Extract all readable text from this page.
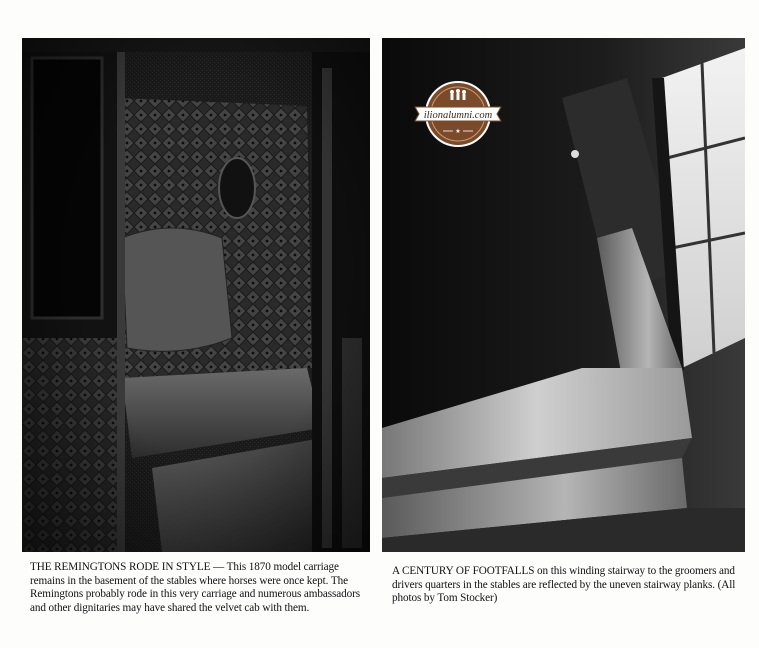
ilionalumni.com
★
THE REMINGTONS RODE IN STYLE — This 1870 model carriage remains in the basement of the stables where horses were once kept. The Remingtons probably rode in this very carriage and numerous ambassadors and other dignitaries may have shared the velvet cab with them.
A CENTURY OF FOOTFALLS on this winding stairway to the groomers and drivers quarters in the stables are reflected by the uneven stairway planks. (All photos by Tom Stocker)
